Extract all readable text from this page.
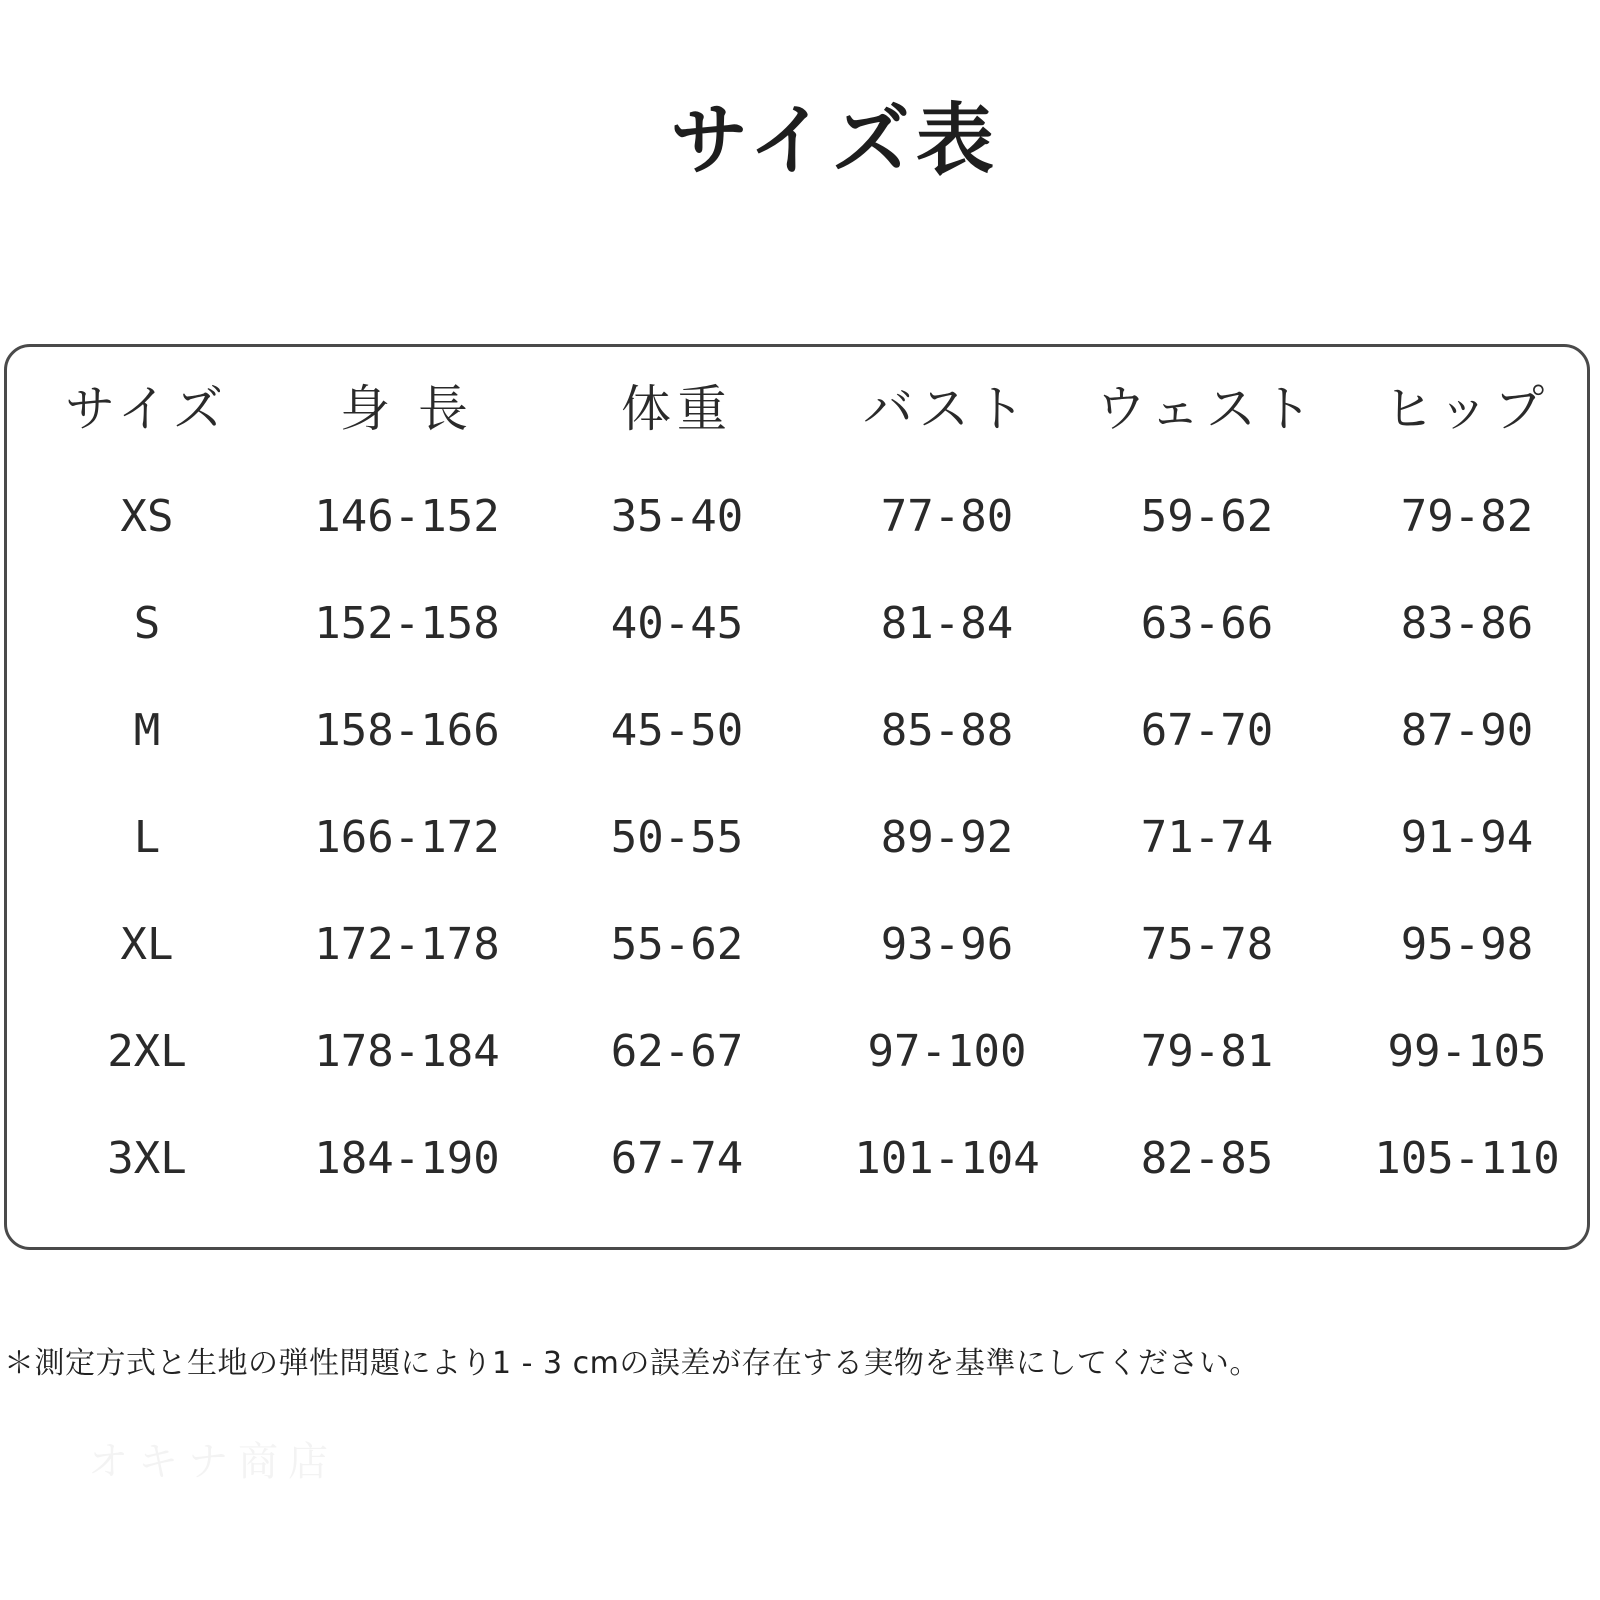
サイズ表
サイズ	身 長	体重	バスト	ウェスト	ヒップ
XS	146-152	35-40	77-80	59-62	79-82
S	152-158	40-45	81-84	63-66	83-86
M	158-166	45-50	85-88	67-70	87-90
L	166-172	50-55	89-92	71-74	91-94
XL	172-178	55-62	93-96	75-78	95-98
2XL	178-184	62-67	97-100	79-81	99-105
3XL	184-190	67-74	101-104	82-85	105-110
＊測定方式と生地の弾性問題により1 - 3 cmの誤差が存在する実物を基準にしてください。
オキナ商店
